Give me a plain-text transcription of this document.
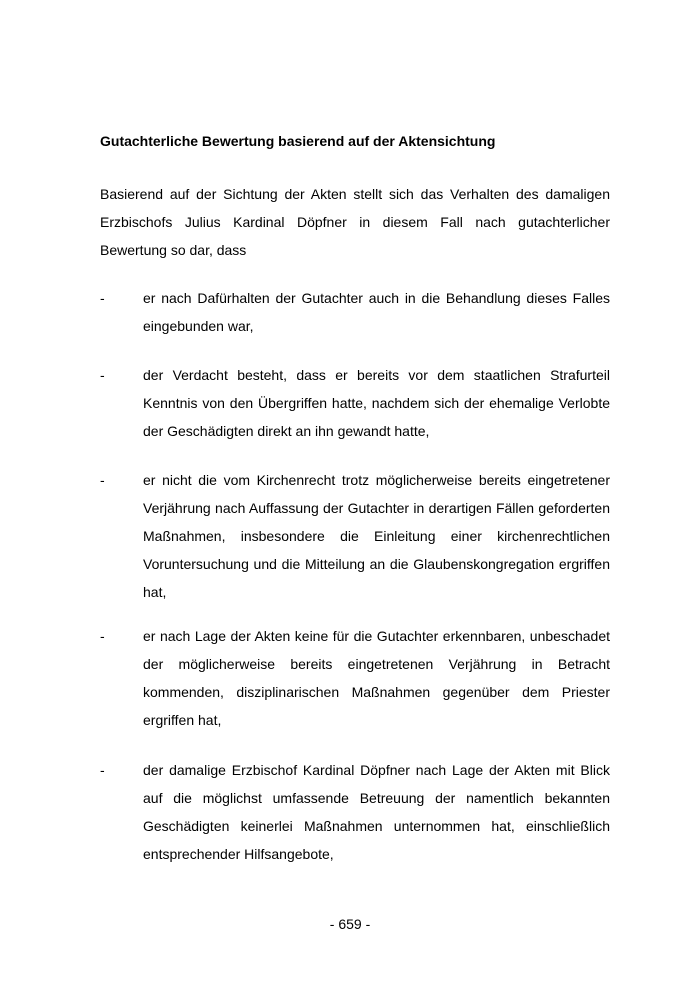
Gutachterliche Bewertung basierend auf der Aktensichtung

Basierend auf der Sichtung der Akten stellt sich das Verhalten des damaligen Erzbischofs Julius Kardinal Döpfner in diesem Fall nach gutachterlicher Bewertung so dar, dass

-	er nach Dafürhalten der Gutachter auch in die Behandlung dieses Falles eingebunden war,
-	der Verdacht besteht, dass er bereits vor dem staatlichen Strafurteil Kenntnis von den Übergriffen hatte, nachdem sich der ehemalige Verlobte der Geschädigten direkt an ihn gewandt hatte,
-	er nicht die vom Kirchenrecht trotz möglicherweise bereits eingetretener Verjährung nach Auffassung der Gutachter in derartigen Fällen geforderten Maßnahmen, insbesondere die Einleitung einer kirchenrechtlichen Voruntersuchung und die Mitteilung an die Glaubenskongregation ergriffen hat,
-	er nach Lage der Akten keine für die Gutachter erkennbaren, unbeschadet der möglicherweise bereits eingetretenen Verjährung in Betracht kommenden, disziplinarischen Maßnahmen gegenüber dem Priester ergriffen hat,
-	der damalige Erzbischof Kardinal Döpfner nach Lage der Akten mit Blick auf die möglichst umfassende Betreuung der namentlich bekannten Geschädigten keinerlei Maßnahmen unternommen hat, einschließlich entsprechender Hilfsangebote,
- 659 -
